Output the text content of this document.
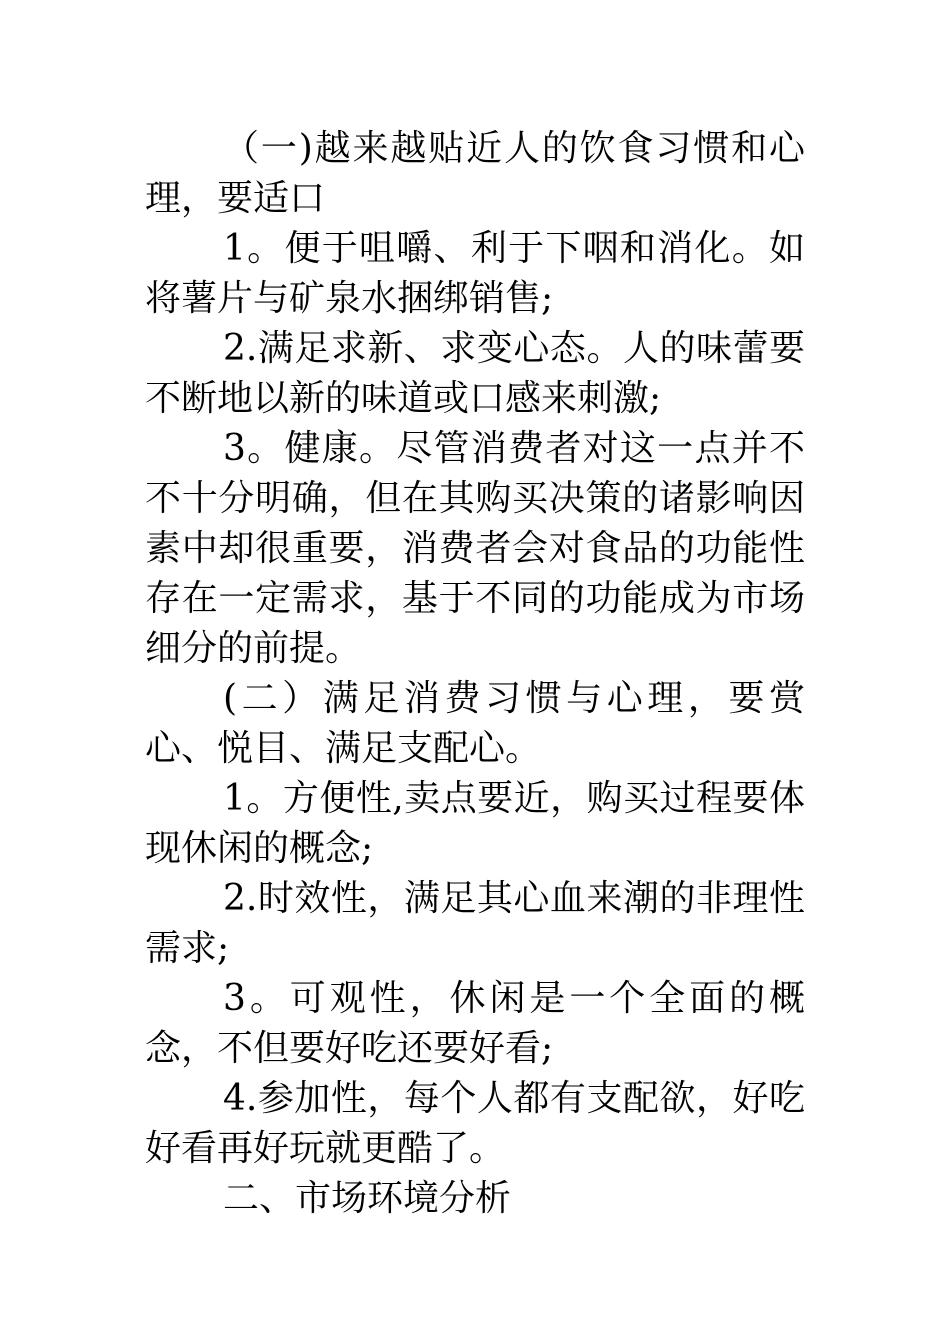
（一)越来越贴近人的饮食习惯和心理，要适口

1。便于咀嚼、利于下咽和消化。如将薯片与矿泉水捆绑销售;

2.满足求新、求变心态。人的味蕾要不断地以新的味道或口感来刺激;

3。健康。尽管消费者对这一点并不不十分明确，但在其购买决策的诸影响因素中却很重要，消费者会对食品的功能性存在一定需求，基于不同的功能成为市场细分的前提。

(二）满足消费习惯与心理，要赏心、悦目、满足支配心。

1。方便性,卖点要近，购买过程要体现休闲的概念;

2.时效性，满足其心血来潮的非理性需求;

3。可观性，休闲是一个全面的概念，不但要好吃还要好看;

4.参加性，每个人都有支配欲，好吃好看再好玩就更酷了。

二、市场环境分析
